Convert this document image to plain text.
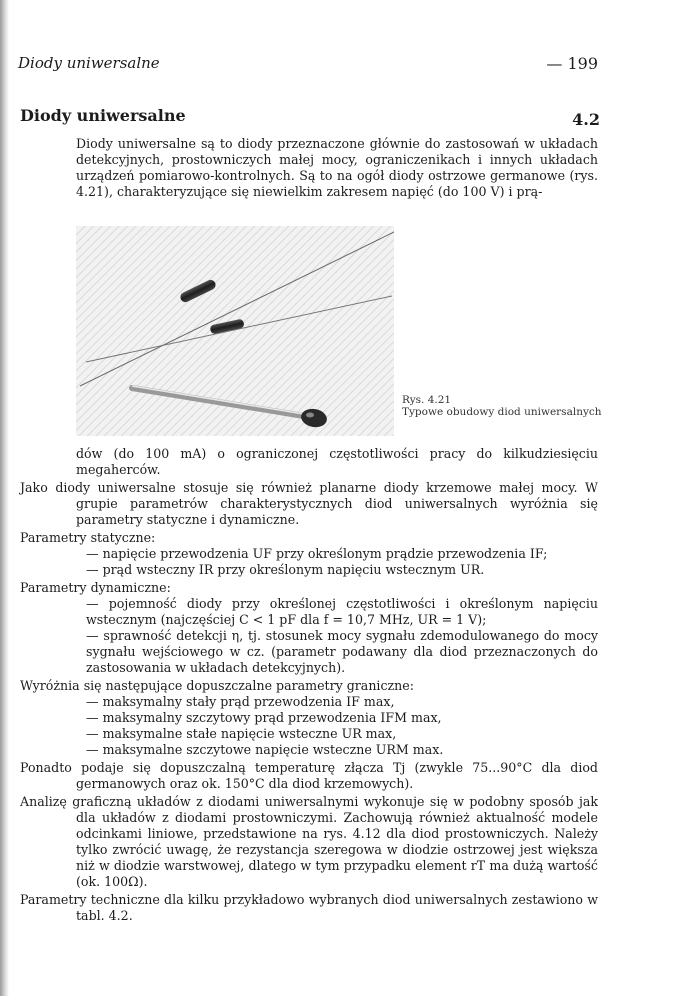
Diody uniwersalne	— 199

Diody uniwersalne	4.2

Diody uniwersalne są to diody przeznaczone głównie do zastosowań w układach detekcyjnych, prostowniczych małej mocy, ograniczenikach i innych układach urządzeń pomiarowo-kontrolnych. Są to na ogół diody ostrzowe germanowe (rys. 4.21), charakteryzujące się niewielkim zakresem napięć (do 100 V) i prą-

Rys. 4.21
Typowe obudowy diod uniwersalnych

dów (do 100 mA) o ograniczonej częstotliwości pracy do kilkudziesięciu megaherców.

Jako diody uniwersalne stosuje się również planarne diody krzemowe małej mocy. W grupie parametrów charakterystycznych diod uniwersalnych wyróżnia się parametry statyczne i dynamiczne.

Parametry statyczne:

— napięcie przewodzenia UF przy określonym prądzie przewodzenia IF;

— prąd wsteczny IR przy określonym napięciu wstecznym UR.

Parametry dynamiczne:

— pojemność diody przy określonej częstotliwości i określonym napięciu wstecznym (najczęściej C < 1 pF dla f = 10,7 MHz, UR = 1 V);

— sprawność detekcji η, tj. stosunek mocy sygnału zdemodulowanego do mocy sygnału wejściowego w cz. (parametr podawany dla diod przeznaczonych do zastosowania w układach detekcyjnych).

Wyróżnia się następujące dopuszczalne parametry graniczne:

— maksymalny stały prąd przewodzenia IF max,

— maksymalny szczytowy prąd przewodzenia IFM max,

— maksymalne stałe napięcie wsteczne UR max,

— maksymalne szczytowe napięcie wsteczne URM max.

Ponadto podaje się dopuszczalną temperaturę złącza Tj (zwykle 75...90°C dla diod germanowych oraz ok. 150°C dla diod krzemowych).

Analizę graficzną układów z diodami uniwersalnymi wykonuje się w podobny sposób jak dla układów z diodami prostowniczymi. Zachowują również aktualność modele odcinkami liniowe, przedstawione na rys. 4.12 dla diod prostowniczych. Należy tylko zwrócić uwagę, że rezystancja szeregowa w diodzie ostrzowej jest większa niż w diodzie warstwowej, dlatego w tym przypadku element rT ma dużą wartość (ok. 100Ω).

Parametry techniczne dla kilku przykładowo wybranych diod uniwersalnych zestawiono w tabl. 4.2.
